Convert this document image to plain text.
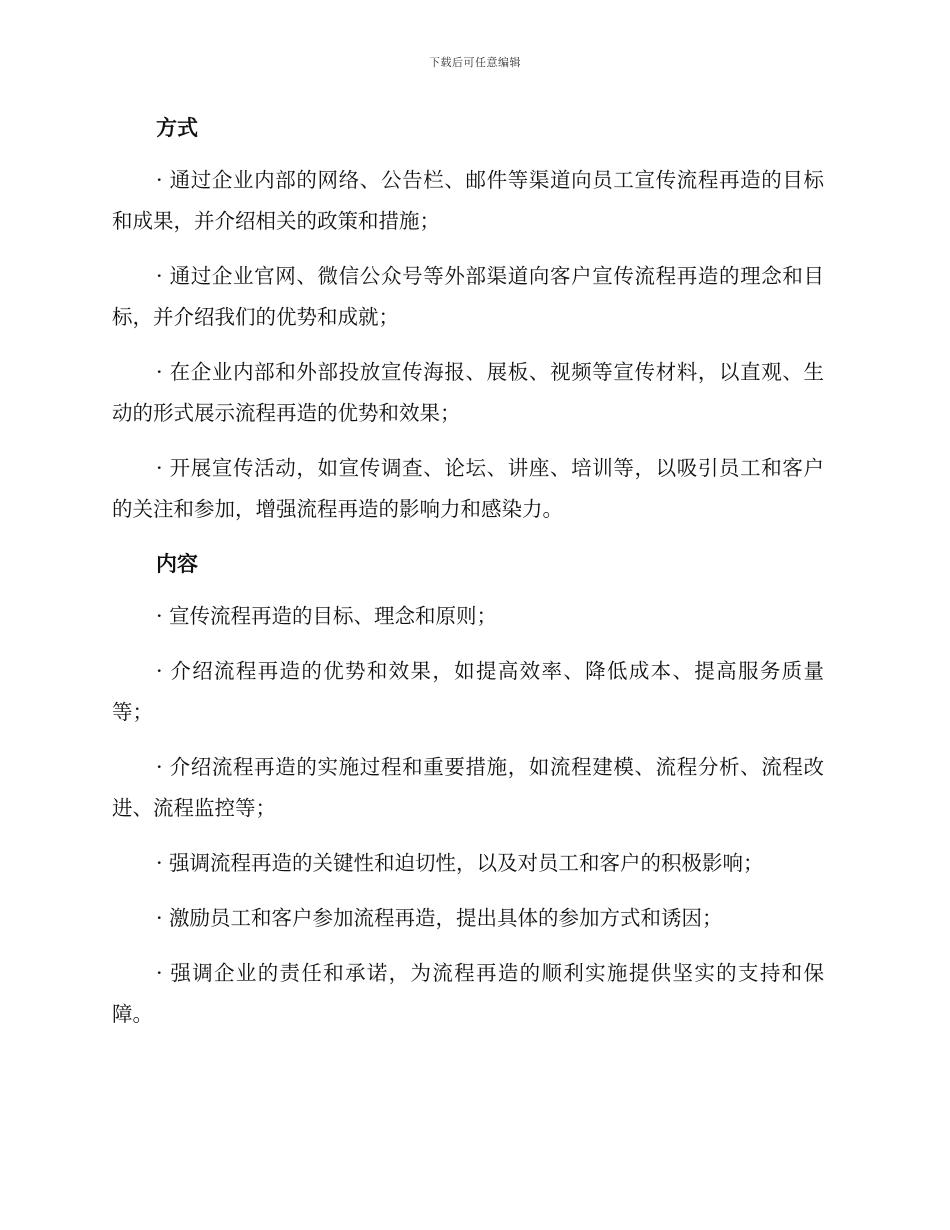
下载后可任意编辑
方式

· 通过企业内部的网络、公告栏、邮件等渠道向员工宣传流程再造的目标和成果，并介绍相关的政策和措施；

· 通过企业官网、微信公众号等外部渠道向客户宣传流程再造的理念和目标，并介绍我们的优势和成就；

· 在企业内部和外部投放宣传海报、展板、视频等宣传材料，以直观、生动的形式展示流程再造的优势和效果；

· 开展宣传活动，如宣传调查、论坛、讲座、培训等，以吸引员工和客户的关注和参加，增强流程再造的影响力和感染力。

内容

· 宣传流程再造的目标、理念和原则；

· 介绍流程再造的优势和效果，如提高效率、降低成本、提高服务质量等；

· 介绍流程再造的实施过程和重要措施，如流程建模、流程分析、流程改进、流程监控等；

· 强调流程再造的关键性和迫切性，以及对员工和客户的积极影响；

· 激励员工和客户参加流程再造，提出具体的参加方式和诱因；

· 强调企业的责任和承诺，为流程再造的顺利实施提供坚实的支持和保障。
